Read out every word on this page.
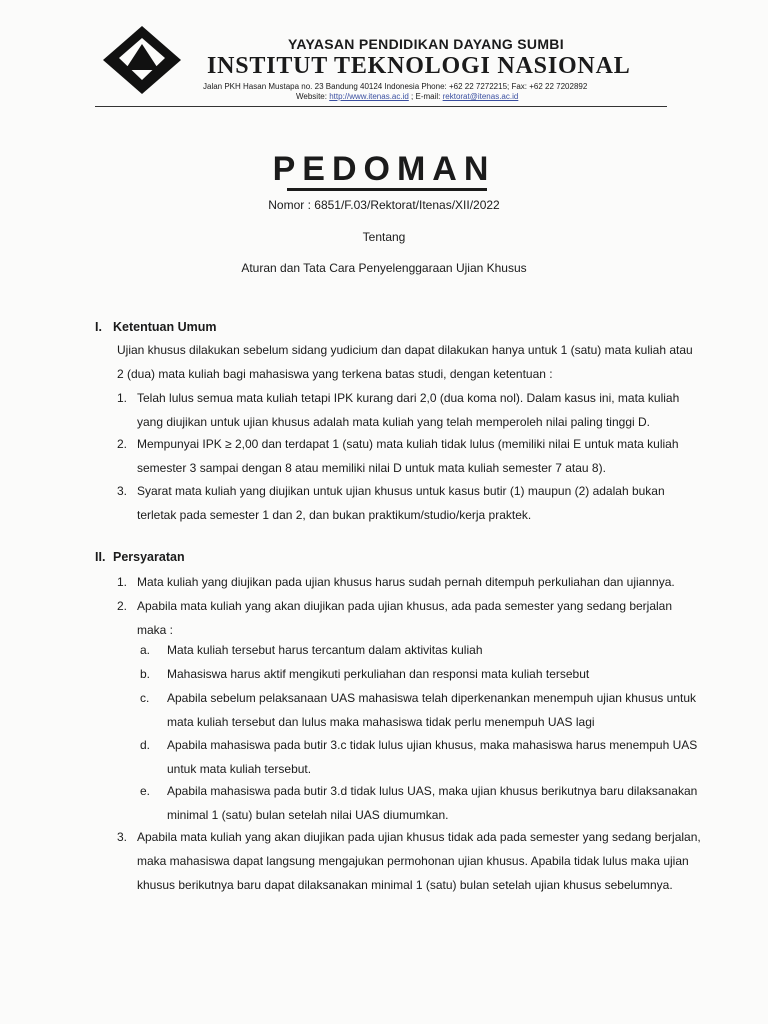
YAYASAN PENDIDIKAN DAYANG SUMBI
INSTITUT TEKNOLOGI NASIONAL
Jalan PKH Hasan Mustapa no. 23 Bandung 40124 Indonesia Phone: +62 22 7272215; Fax: +62 22 7202892
Website: http://www.itenas.ac.id ; E-mail: rektorat@itenas.ac.id
PEDOMAN
Nomor : 6851/F.03/Rektorat/Itenas/XII/2022
Tentang
Aturan dan Tata Cara Penyelenggaraan Ujian Khusus
I. Ketentuan Umum
Ujian khusus dilakukan sebelum sidang yudicium dan dapat dilakukan hanya untuk 1 (satu) mata kuliah atau
2 (dua) mata kuliah bagi mahasiswa yang terkena batas studi, dengan ketentuan :
1. Telah lulus semua mata kuliah tetapi IPK kurang dari 2,0 (dua koma nol). Dalam kasus ini, mata kuliah
yang diujikan untuk ujian khusus adalah mata kuliah yang telah memperoleh nilai paling tinggi D.
2. Mempunyai IPK ≥ 2,00 dan terdapat 1 (satu) mata kuliah tidak lulus (memiliki nilai E untuk mata kuliah
semester 3 sampai dengan 8 atau memiliki nilai D untuk mata kuliah semester 7 atau 8).
3. Syarat mata kuliah yang diujikan untuk ujian khusus untuk kasus butir (1) maupun (2) adalah bukan
terletak pada semester 1 dan 2, dan bukan praktikum/studio/kerja praktek.
II. Persyaratan
1. Mata kuliah yang diujikan pada ujian khusus harus sudah pernah ditempuh perkuliahan dan ujiannya.
2. Apabila mata kuliah yang akan diujikan pada ujian khusus, ada pada semester yang sedang berjalan
maka :
a.	Mata kuliah tersebut harus tercantum dalam aktivitas kuliah
b.	Mahasiswa harus aktif mengikuti perkuliahan dan responsi mata kuliah tersebut
c.	Apabila sebelum pelaksanaan UAS mahasiswa telah diperkenankan menempuh ujian khusus untuk
mata kuliah tersebut dan lulus maka mahasiswa tidak perlu menempuh UAS lagi
d.	Apabila mahasiswa pada butir 3.c tidak lulus ujian khusus, maka mahasiswa harus menempuh UAS
untuk mata kuliah tersebut.
e.	Apabila mahasiswa pada butir 3.d tidak lulus UAS, maka ujian khusus berikutnya baru dilaksanakan
minimal 1 (satu) bulan setelah nilai UAS diumumkan.
3. Apabila mata kuliah yang akan diujikan pada ujian khusus tidak ada pada semester yang sedang berjalan,
maka mahasiswa dapat langsung mengajukan permohonan ujian khusus. Apabila tidak lulus maka ujian
khusus berikutnya baru dapat dilaksanakan minimal 1 (satu) bulan setelah ujian khusus sebelumnya.
